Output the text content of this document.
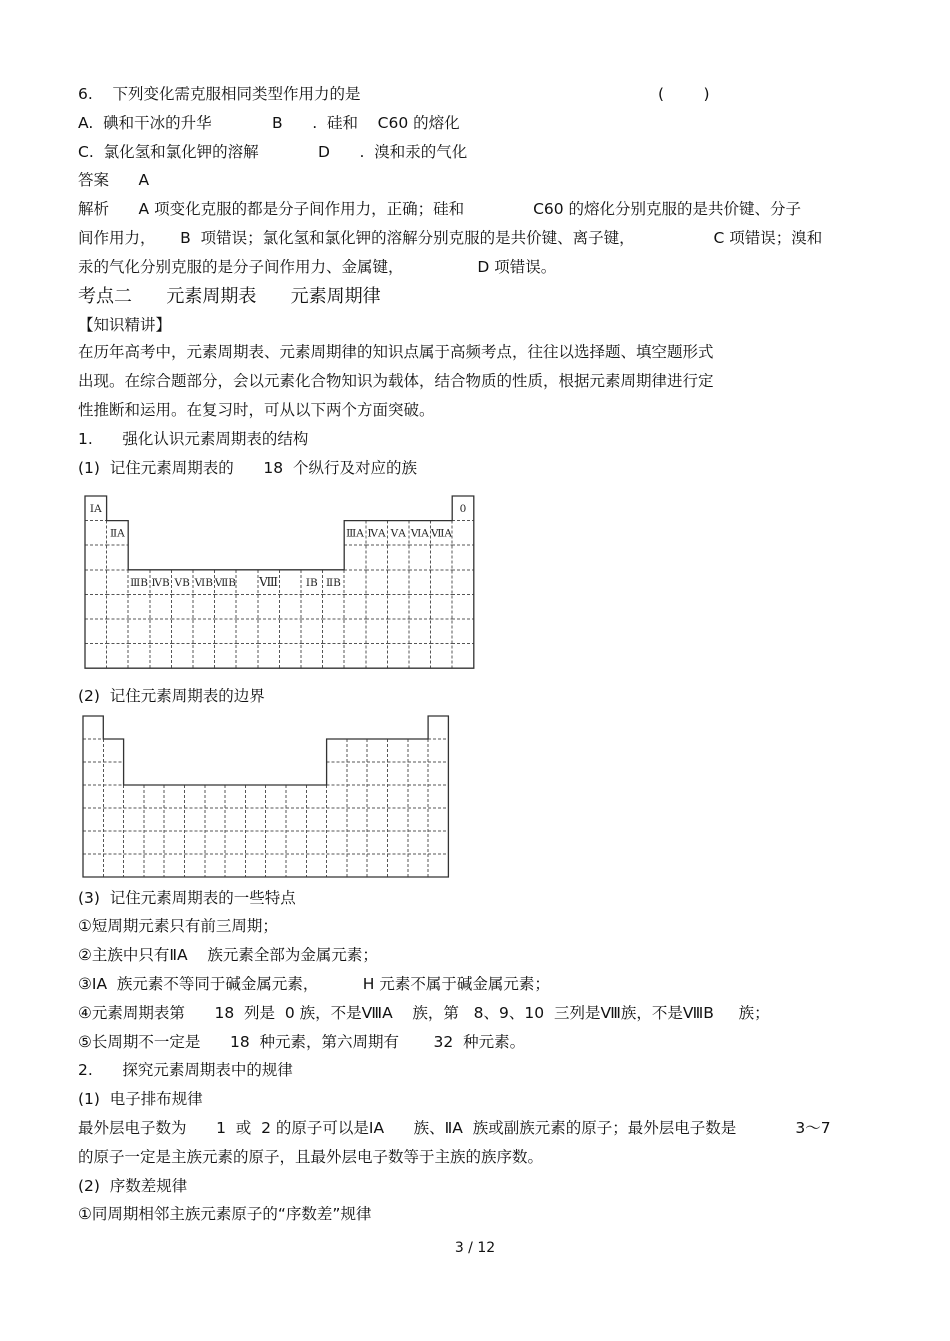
6.    下列变化需克服相同类型作用力的是	(        )
A.  碘和干冰的升华	B      .  硅和    C60 的熔化
C.  氯化氢和氯化钾的溶解	D      .  溴和汞的气化
答案      A
解析      A 项变化克服的都是分子间作用力，正确；硅和              C60 的熔化分别克服的是共价键、分子
间作用力，     B  项错误；氯化氢和氯化钾的溶解分别克服的是共价键、离子键，                C 项错误；溴和
汞的气化分别克服的是分子间作用力、金属键，               D 项错误。
考点二      元素周期表      元素周期律
【知识精讲】
在历年高考中，元素周期表、元素周期律的知识点属于高频考点，往往以选择题、填空题形式
出现。在综合题部分，会以元素化合物知识为载体，结合物质的性质，根据元素周期律进行定
性推断和运用。在复习时，可从以下两个方面突破。
1.      强化认识元素周期表的结构
(1)  记住元素周期表的      18  个纵行及对应的族
ⅠA
ⅡA
ⅢB ⅣB ⅤB ⅥB ⅦB Ⅷ	ⅠB ⅡB
ⅢA ⅣA ⅤA ⅥA ⅦA
0
(2)  记住元素周期表的边界
(3)  记住元素周期表的一些特点
①短周期元素只有前三周期；
②主族中只有ⅡA    族元素全部为金属元素；
③ⅠA  族元素不等同于碱金属元素，         H 元素不属于碱金属元素；
④元素周期表第      18  列是  0 族，不是ⅧA    族，第   8、9、10  三列是Ⅷ族，不是ⅧB     族；
⑤长周期不一定是      18  种元素，第六周期有       32  种元素。
2.      探究元素周期表中的规律
(1)  电子排布规律
最外层电子数为      1  或  2 的原子可以是ⅠA      族、ⅡA  族或副族元素的原子；最外层电子数是            3～7
的原子一定是主族元素的原子，且最外层电子数等于主族的族序数。
(2)  序数差规律
①同周期相邻主族元素原子的“序数差”规律
3 / 12
